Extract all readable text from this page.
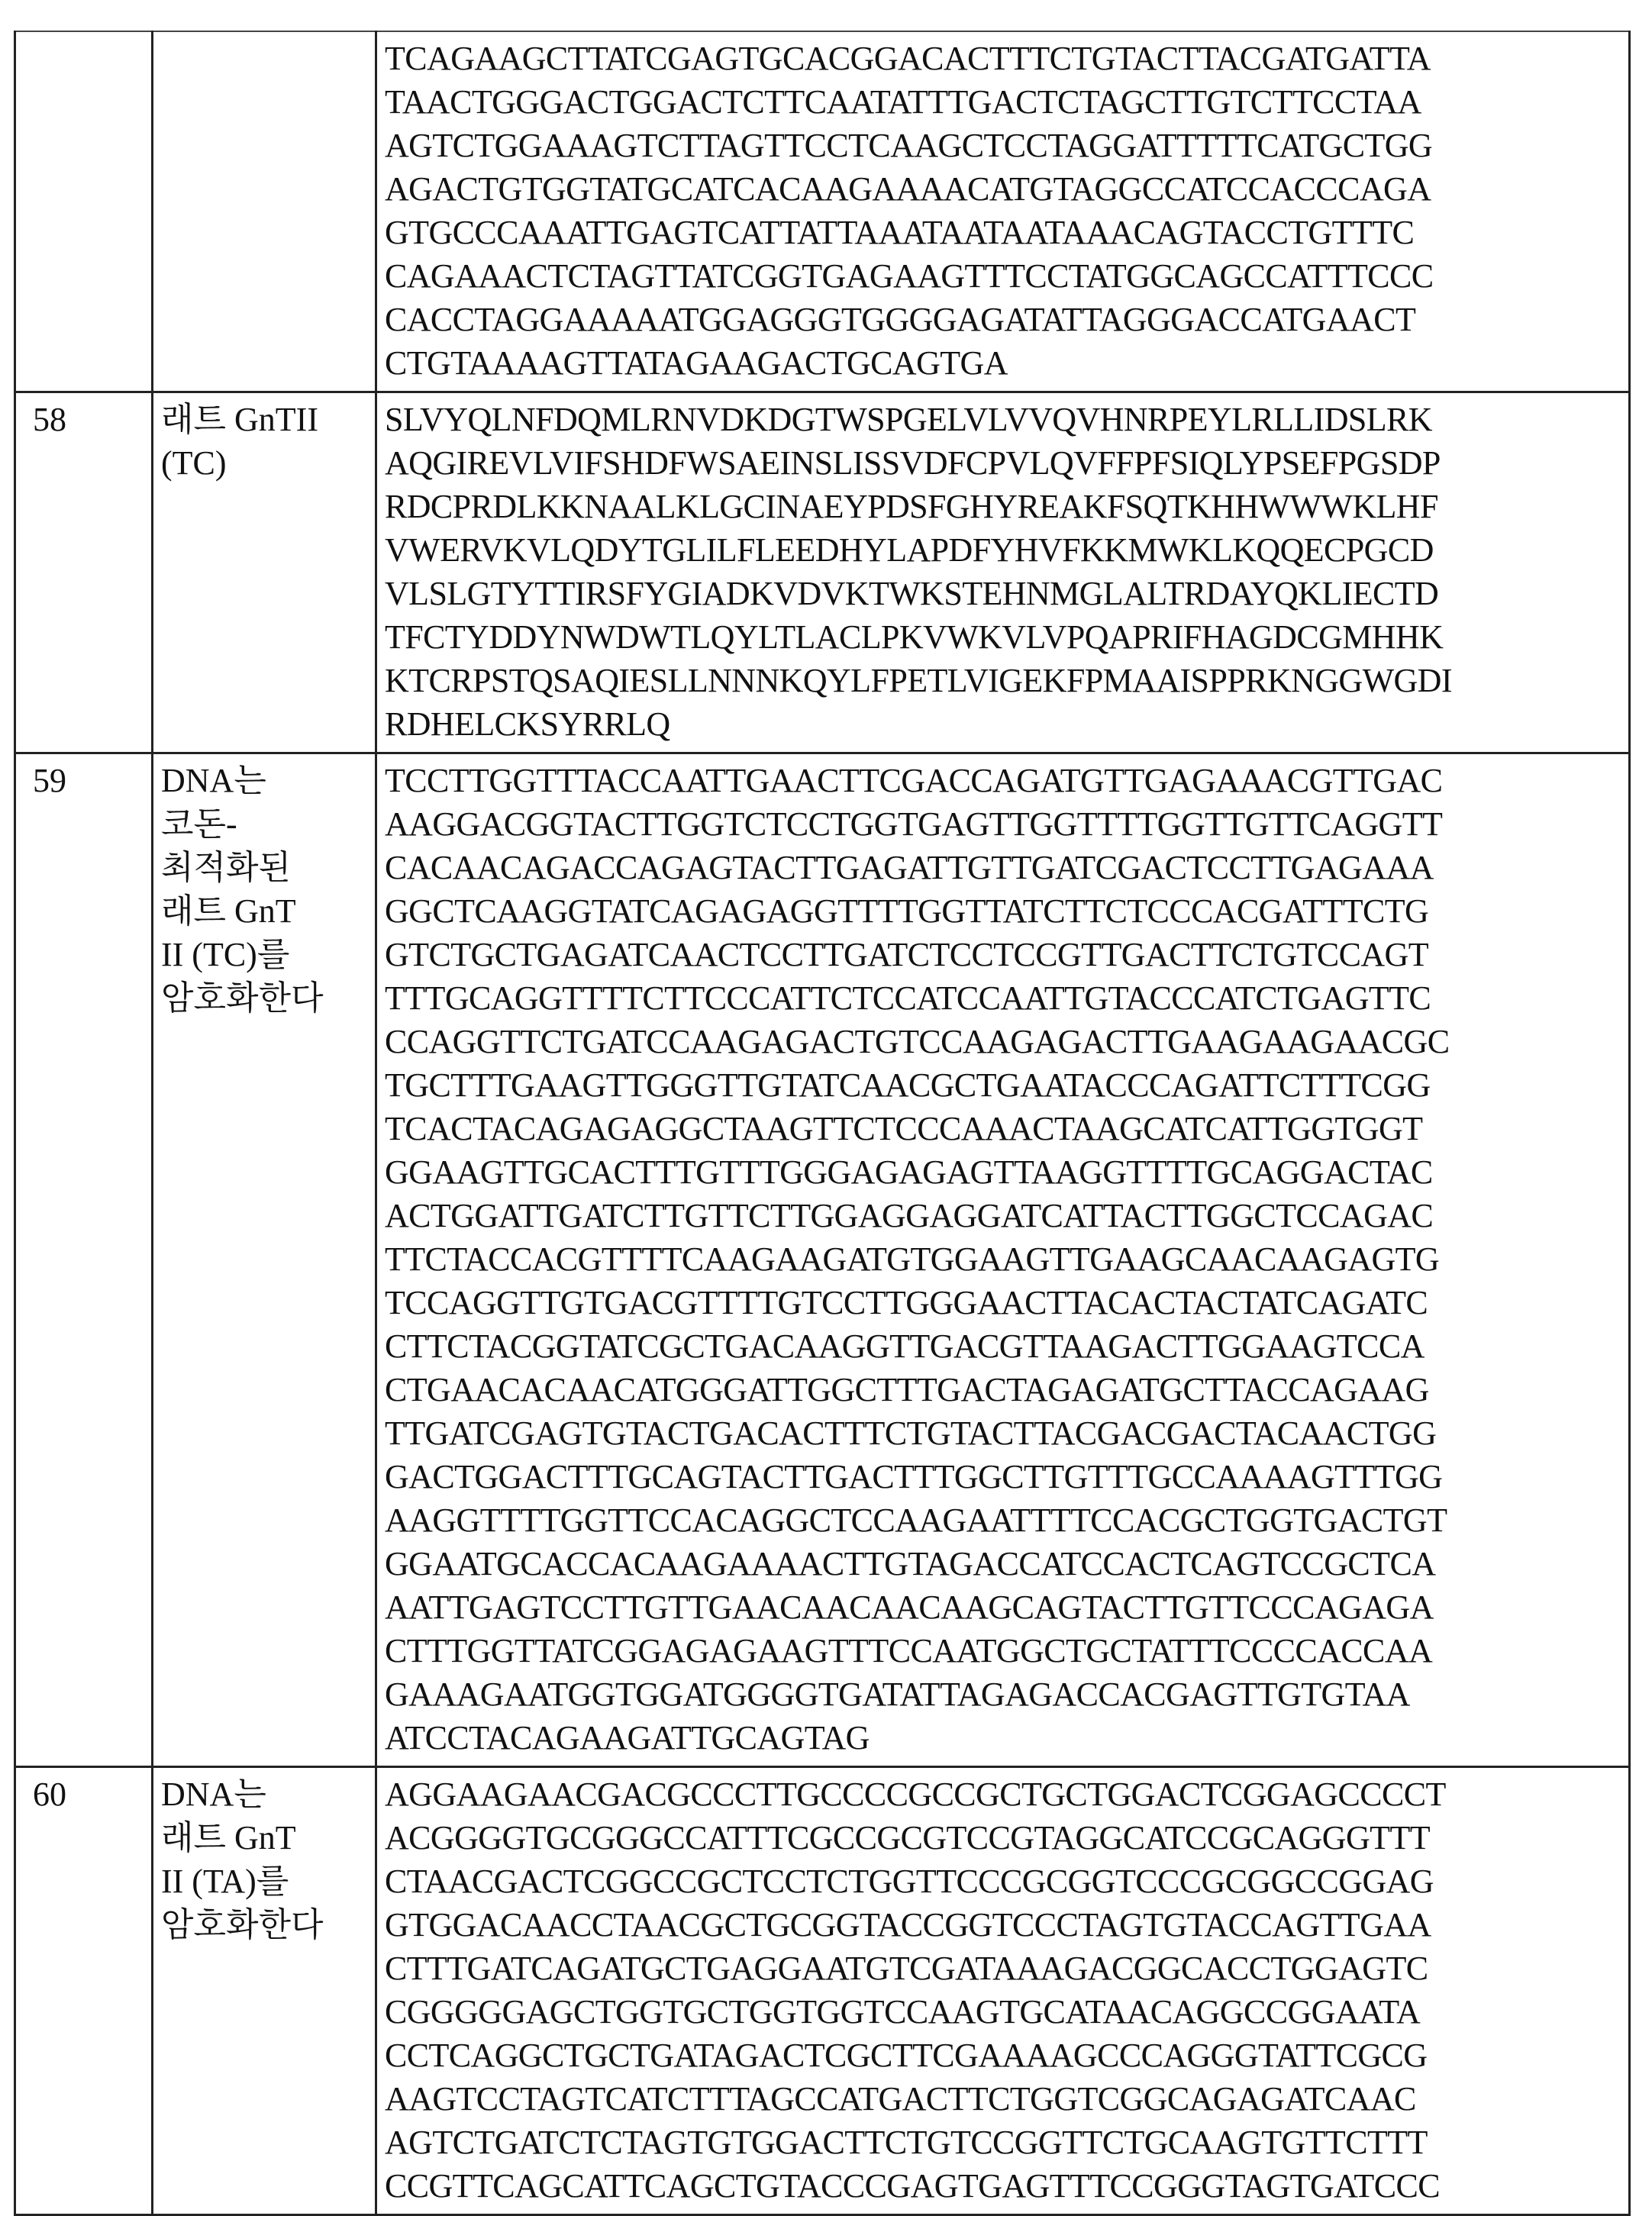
TCAGAAGCTTATCGAGTGCACGGACACTTTCTGTACTTACGATGATTA
TAACTGGGACTGGACTCTTCAATATTTGACTCTAGCTTGTCTTCCTAA
AGTCTGGAAAGTCTTAGTTCCTCAAGCTCCTAGGATTTTTCATGCTGG
AGACTGTGGTATGCATCACAAGAAAACATGTAGGCCATCCACCCAGA
GTGCCCAAATTGAGTCATTATTAAATAATAATAAACAGTACCTGTTTC
CAGAAACTCTAGTTATCGGTGAGAAGTTTCCTATGGCAGCCATTTCCC
CACCTAGGAAAAATGGAGGGTGGGGAGATATTAGGGACCATGAACT
CTGTAAAAGTTATAGAAGACTGCAGTGA

58	래트 GnTII
(TC)

SLVYQLNFDQMLRNVDKDGTWSPGELVLVVQVHNRPEYLRLLIDSLRK
AQGIREVLVIFSHDFWSAEINSLISSVDFCPVLQVFFPFSIQLYPSEFPGSDP
RDCPRDLKKNAALKLGCINAEYPDSFGHYREAKFSQTKHHWWWKLHF
VWERVKVLQDYTGLILFLEEDHYLAPDFYHVFKKMWKLKQQECPGCD
VLSLGTYTTIRSFYGIADKVDVKTWKSTEHNMGLALTRDAYQKLIECTD
TFCTYDDYNWDWTLQYLTLACLPKVWKVLVPQAPRIFHAGDCGMHHK
KTCRPSTQSAQIESLLNNNKQYLFPETLVIGEKFPMAAISPPRKNGGWGDI
RDHELCKSYRRLQ

59	DNA는
코돈-
최적화된
래트 GnT
II (TC)를
암호화한다

TCCTTGGTTTACCAATTGAACTTCGACCAGATGTTGAGAAACGTTGAC
AAGGACGGTACTTGGTCTCCTGGTGAGTTGGTTTTGGTTGTTCAGGTT
CACAACAGACCAGAGTACTTGAGATTGTTGATCGACTCCTTGAGAAA
GGCTCAAGGTATCAGAGAGGTTTTGGTTATCTTCTCCCACGATTTCTG
GTCTGCTGAGATCAACTCCTTGATCTCCTCCGTTGACTTCTGTCCAGT
TTTGCAGGTTTTCTTCCCATTCTCCATCCAATTGTACCCATCTGAGTTC
CCAGGTTCTGATCCAAGAGACTGTCCAAGAGACTTGAAGAAGAACGC
TGCTTTGAAGTTGGGTTGTATCAACGCTGAATACCCAGATTCTTTCGG
TCACTACAGAGAGGCTAAGTTCTCCCAAACTAAGCATCATTGGTGGT
GGAAGTTGCACTTTGTTTGGGAGAGAGTTAAGGTTTTGCAGGACTAC
ACTGGATTGATCTTGTTCTTGGAGGAGGATCATTACTTGGCTCCAGAC
TTCTACCACGTTTTCAAGAAGATGTGGAAGTTGAAGCAACAAGAGTG
TCCAGGTTGTGACGTTTTGTCCTTGGGAACTTACACTACTATCAGATC
CTTCTACGGTATCGCTGACAAGGTTGACGTTAAGACTTGGAAGTCCA
CTGAACACAACATGGGATTGGCTTTGACTAGAGATGCTTACCAGAAG
TTGATCGAGTGTACTGACACTTTCTGTACTTACGACGACTACAACTGG
GACTGGACTTTGCAGTACTTGACTTTGGCTTGTTTGCCAAAAGTTTGG
AAGGTTTTGGTTCCACAGGCTCCAAGAATTTTCCACGCTGGTGACTGT
GGAATGCACCACAAGAAAACTTGTAGACCATCCACTCAGTCCGCTCA
AATTGAGTCCTTGTTGAACAACAACAAGCAGTACTTGTTCCCAGAGA
CTTTGGTTATCGGAGAGAAGTTTCCAATGGCTGCTATTTCCCCACCAA
GAAAGAATGGTGGATGGGGTGATATTAGAGACCACGAGTTGTGTAA
ATCCTACAGAAGATTGCAGTAG

60	DNA는
래트 GnT
II (TA)를
암호화한다

AGGAAGAACGACGCCCTTGCCCCGCCGCTGCTGGACTCGGAGCCCCT
ACGGGGTGCGGGCCATTTCGCCGCGTCCGTAGGCATCCGCAGGGTTT
CTAACGACTCGGCCGCTCCTCTGGTTCCCGCGGTCCCGCGGCCGGAG
GTGGACAACCTAACGCTGCGGTACCGGTCCCTAGTGTACCAGTTGAA
CTTTGATCAGATGCTGAGGAATGTCGATAAAGACGGCACCTGGAGTC
CGGGGGAGCTGGTGCTGGTGGTCCAAGTGCATAACAGGCCGGAATA
CCTCAGGCTGCTGATAGACTCGCTTCGAAAAGCCCAGGGTATTCGCG
AAGTCCTAGTCATCTTTAGCCATGACTTCTGGTCGGCAGAGATCAAC
AGTCTGATCTCTAGTGTGGACTTCTGTCCGGTTCTGCAAGTGTTCTTT
CCGTTCAGCATTCAGCTGTACCCGAGTGAGTTTCCGGGTAGTGATCCC
